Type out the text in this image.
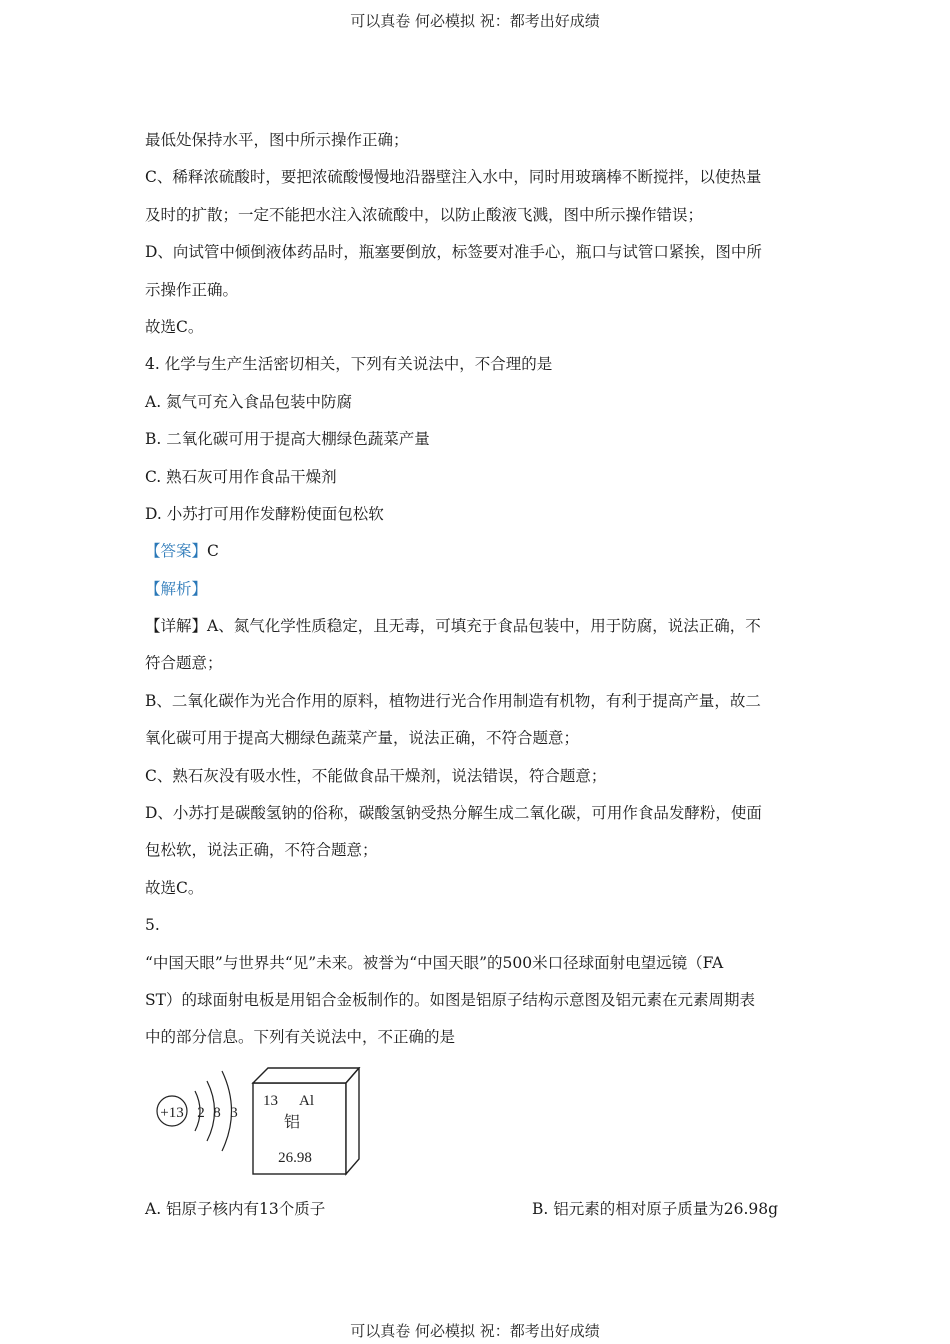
可以真卷 何必模拟 祝：都考出好成绩
最低处保持水平，图中所示操作正确；
C、稀释浓硫酸时，要把浓硫酸慢慢地沿器壁注入水中，同时用玻璃棒不断搅拌，以使热量
及时的扩散；一定不能把水注入浓硫酸中，以防止酸液飞溅，图中所示操作错误；
D、向试管中倾倒液体药品时，瓶塞要倒放，标签要对准手心，瓶口与试管口紧挨，图中所
示操作正确。
故选C。
4. 化学与生产生活密切相关，下列有关说法中，不合理的是
A. 氮气可充入食品包装中防腐
B. 二氧化碳可用于提高大棚绿色蔬菜产量
C. 熟石灰可用作食品干燥剂
D. 小苏打可用作发酵粉使面包松软
【答案】C
【解析】
【详解】A、氮气化学性质稳定，且无毒，可填充于食品包装中，用于防腐，说法正确，不
符合题意；
B、二氧化碳作为光合作用的原料，植物进行光合作用制造有机物，有利于提高产量，故二
氧化碳可用于提高大棚绿色蔬菜产量，说法正确，不符合题意；
C、熟石灰没有吸水性，不能做食品干燥剂，说法错误，符合题意；
D、小苏打是碳酸氢钠的俗称，碳酸氢钠受热分解生成二氧化碳，可用作食品发酵粉，使面
包松软，说法正确，不符合题意；
故选C。
5.
“中国天眼”与世界共“见”未来。被誉为“中国天眼”的500米口径球面射电望远镜（FA
ST）的球面射电板是用铝合金板制作的。如图是铝原子结构示意图及铝元素在元素周期表
中的部分信息。下列有关说法中，不正确的是
+13 2 8 3
13 Al
铝
26.98
A. 铝原子核内有13个质子	B. 铝元素的相对原子质量为26.98g
可以真卷 何必模拟 祝：都考出好成绩
